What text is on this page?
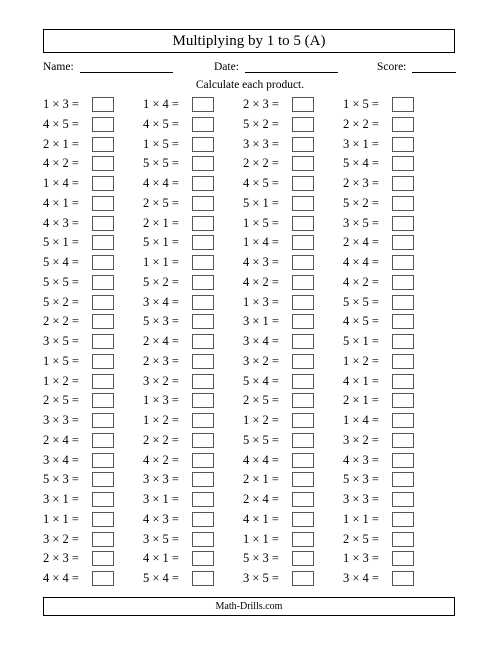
Multiplying by 1 to 5 (A)
Name:	Date:	Score:
Calculate each product.
1 × 3 =
4 × 5 =
2 × 1 =
4 × 2 =
1 × 4 =
4 × 1 =
4 × 3 =
5 × 1 =
5 × 4 =
5 × 5 =
5 × 2 =
2 × 2 =
3 × 5 =
1 × 5 =
1 × 2 =
2 × 5 =
3 × 3 =
2 × 4 =
3 × 4 =
5 × 3 =
3 × 1 =
1 × 1 =
3 × 2 =
2 × 3 =
4 × 4 =
1 × 4 =
4 × 5 =
1 × 5 =
5 × 5 =
4 × 4 =
2 × 5 =
2 × 1 =
5 × 1 =
1 × 1 =
5 × 2 =
3 × 4 =
5 × 3 =
2 × 4 =
2 × 3 =
3 × 2 =
1 × 3 =
1 × 2 =
2 × 2 =
4 × 2 =
3 × 3 =
3 × 1 =
4 × 3 =
3 × 5 =
4 × 1 =
5 × 4 =
2 × 3 =
5 × 2 =
3 × 3 =
2 × 2 =
4 × 5 =
5 × 1 =
1 × 5 =
1 × 4 =
4 × 3 =
4 × 2 =
1 × 3 =
3 × 1 =
3 × 4 =
3 × 2 =
5 × 4 =
2 × 5 =
1 × 2 =
5 × 5 =
4 × 4 =
2 × 1 =
2 × 4 =
4 × 1 =
1 × 1 =
5 × 3 =
3 × 5 =
1 × 5 =
2 × 2 =
3 × 1 =
5 × 4 =
2 × 3 =
5 × 2 =
3 × 5 =
2 × 4 =
4 × 4 =
4 × 2 =
5 × 5 =
4 × 5 =
5 × 1 =
1 × 2 =
4 × 1 =
2 × 1 =
1 × 4 =
3 × 2 =
4 × 3 =
5 × 3 =
3 × 3 =
1 × 1 =
2 × 5 =
1 × 3 =
3 × 4 =
Math-Drills.com
